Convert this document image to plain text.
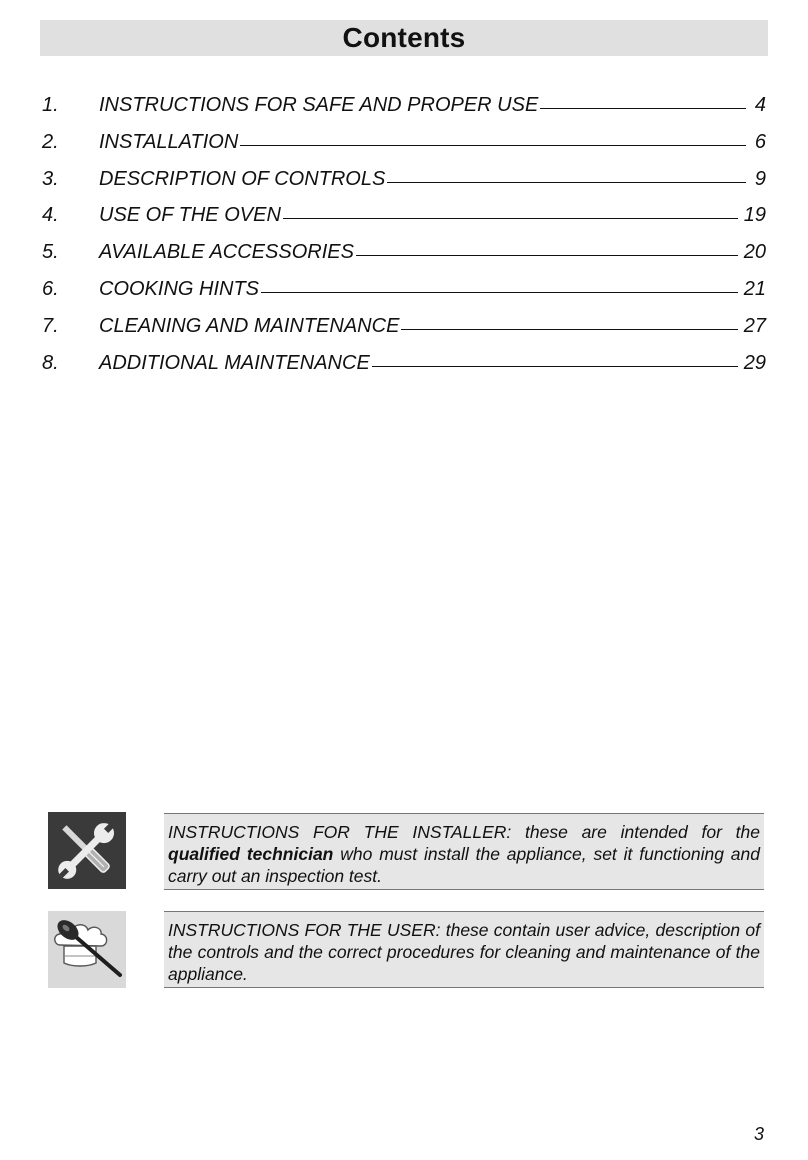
Contents
1.	INSTRUCTIONS FOR SAFE AND PROPER USE	4
2.	INSTALLATION	6
3.	DESCRIPTION OF CONTROLS	9
4.	USE OF THE OVEN	19
5.	AVAILABLE ACCESSORIES	20
6.	COOKING HINTS	21
7.	CLEANING AND MAINTENANCE	27
8.	ADDITIONAL MAINTENANCE	29
INSTRUCTIONS FOR THE INSTALLER: these are intended for the qualified technician who must install the appliance, set it functioning and carry out an inspection test.
INSTRUCTIONS FOR THE USER: these contain user advice, description of the controls and the correct procedures for cleaning and maintenance of the appliance.
3
